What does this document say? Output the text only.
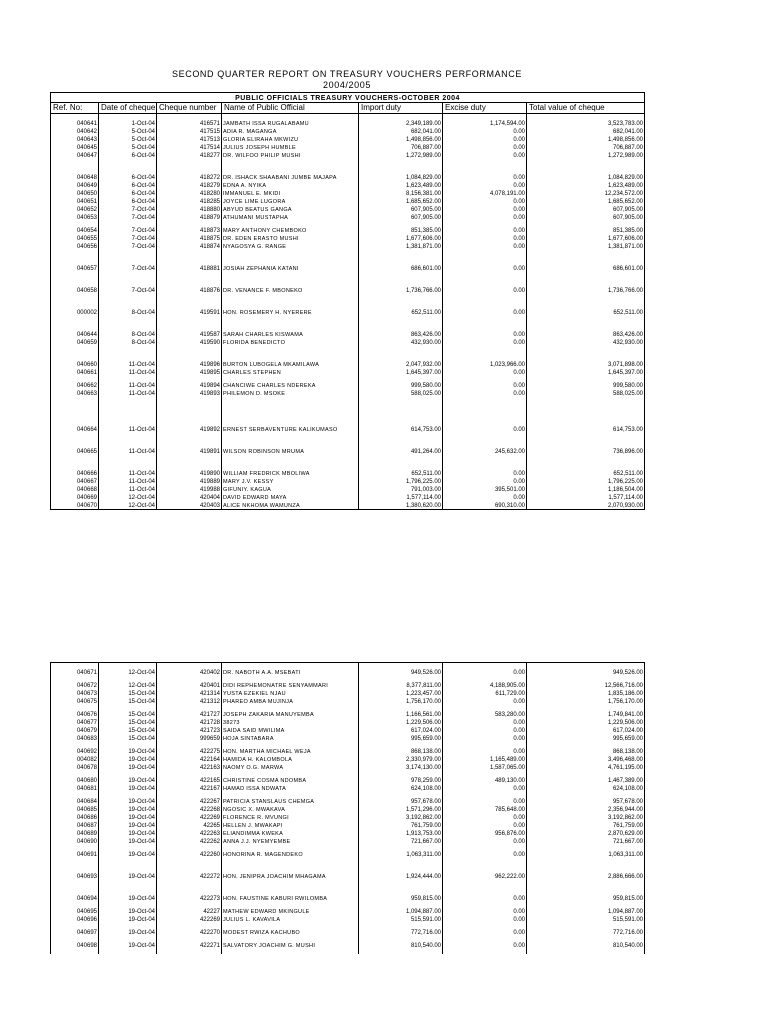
SECOND QUARTER REPORT ON TREASURY VOUCHERS PERFORMANCE
2004/2005
PUBLIC OFFICIALS TREASURY VOUCHERS-OCTOBER 2004						
Ref. No:	Date of cheque	Cheque number	Name of Public Official	Import duty	Excise duty	Total value of cheque

040641	1-Oct-04	416571	JAMBATH ISSA RUGALABAMU	2,349,189.00	1,174,594.00	3,523,783.00
040642	5-Oct-04	417515	ADIA R. MAGANGA	682,041.00	0.00	682,041.00
040643	5-Oct-04	417513	GLORIA ELIRAHA MKWIZU	1,498,856.00	0.00	1,498,856.00
040645	5-Oct-04	417514	JULIUS JOSEPH HUMBLE	706,887.00	0.00	706,887.00
040647	6-Oct-04	418277	DR. WILFOO PHILIP MUSHI	1,272,989.00	0.00	1,272,989.00

040648	6-Oct-04	418272	DR. ISHACK SHAABANI JUMBE MAJAPA	1,084,829.00	0.00	1,084,829.00
040649	6-Oct-04	418279	EDNA A. NYIKA	1,623,489.00	0.00	1,623,489.00
040650	6-Oct-04	418280	IMMANUEL E. MKIDI	8,156,381.00	4,078,191.00	12,234,572.00
040651	6-Oct-04	418285	JOYCE LIME LUGORA	1,685,652.00	0.00	1,685,652.00
040652	7-Oct-04	418880	ABYUD BEATUS GANGA	607,905.00	0.00	607,905.00
040653	7-Oct-04	418879	ATHUMANI MUSTAPHA	607,905.00	0.00	607,905.00

040654	7-Oct-04	418873	MARY ANTHONY CHEMBOKO	851,385.00	0.00	851,385.00
040655	7-Oct-04	418875	DR. EDEN ERASTO MUSHI	1,677,606.00	0.00	1,677,606.00
040656	7-Oct-04	418874	NYAGOSYA G. RANGE	1,381,871.00	0.00	1,381,871.00

040657	7-Oct-04	418881	JOSIAH ZEPHANIA KATANI	686,601.00	0.00	686,601.00

040658	7-Oct-04	418876	DR. VENANCE F. MBONEKO	1,736,766.00	0.00	1,736,766.00

000002	8-Oct-04	419591	HON. ROSEMERY H. NYERERE	652,511.00	0.00	652,511.00

040644	8-Oct-04	419587	SARAH CHARLES KISWAMA	863,426.00	0.00	863,426.00
040659	8-Oct-04	419590	FLORIDA BENEDICTO	432,930.00	0.00	432,930.00

040660	11-Oct-04	419896	BURTON LUBOGELA MKAMILAWA	2,047,932.00	1,023,966.00	3,071,898.00
040661	11-Oct-04	419895	CHARLES STEPHEN	1,645,397.00	0.00	1,645,397.00

040662	11-Oct-04	419894	CHANCIWE CHARLES NDEREKA	999,580.00	0.00	999,580.00
040663	11-Oct-04	419893	PHILEMON D. MSOKE	588,025.00	0.00	588,025.00

040664	11-Oct-04	419892	ERNEST SERBAVENTURE KALIKUMASO	614,753.00	0.00	614,753.00

040665	11-Oct-04	419891	WILSON ROBINSON MRUMA	491,264.00	245,632.00	736,896.00

040666	11-Oct-04	419890	WILLIAM FREDRICK MBOLIWA	652,511.00	0.00	652,511.00
040667	11-Oct-04	419889	MARY J.V. KESSY	1,796,225.00	0.00	1,796,225.00
040668	11-Oct-04	419988	GIFUNIY. KAGUA	791,003.00	395,501.00	1,186,504.00
040669	12-Oct-04	420404	DAVID EDWARD MAYA	1,577,114.00	0.00	1,577,114.00
040670	12-Oct-04	420403	ALICE NKHOMA WAMUNZA	1,380,620.00	690,310.00	2,070,930.00

040671	12-Oct-04	420402	DR. NABOTH A.A. MSEBATI	949,526.00	0.00	949,526.00

040672	12-Oct-04	420401	DIDI REPHEMONATRE SENYAMMARI	8,377,811.00	4,188,905.00	12,566,716.00
040673	15-Oct-04	421314	YUSTA EZEKIEL NJAU	1,223,457.00	611,729.00	1,835,186.00
040675	15-Oct-04	421312	PHAREO AMBA MUJINJA	1,756,170.00	0.00	1,756,170.00

040676	15-Oct-04	421727	JOSEPH ZAKARIA MANUYEMBA	1,166,561.00	583,280.00	1,749,841.00
040677	15-Oct-04	421728	38273	1,229,506.00	0.00	1,229,506.00
040679	15-Oct-04	421723	SAIDA SAID MWILIMA	617,024.00	0.00	617,024.00
040683	15-Oct-04	999659	HOJA SINTABARA	995,659.00	0.00	995,659.00

040692	19-Oct-04	422275	HON. MARTHA MICHAEL WEJA	868,138.00	0.00	868,138.00
004082	19-Oct-04	422164	HAMIDA H. KALOMBOLA	2,330,979.00	1,165,489.00	3,496,468.00
040678	19-Oct-04	422163	NAOMY O.G. MARWA	3,174,130.00	1,587,065.00	4,761,195.00

040680	19-Oct-04	422165	CHRISTINE COSMA NDOMBA	978,259.00	489,130.00	1,467,389.00
040681	19-Oct-04	422167	HAMAD ISSA NDWATA	624,108.00	0.00	624,108.00

040684	19-Oct-04	422267	PATRICIA STANSLAUS CHEMGA	957,678.00	0.00	957,678.00
040685	19-Oct-04	422268	NGOSIC X. MWAKAVA	1,571,296.00	785,648.00	2,356,944.00
040686	19-Oct-04	422269	FLORENCE R. MVUNGI	3,192,862.00	0.00	3,192,862.00
040687	19-Oct-04	42265	HELLEN J. MWAKAPI	761,759.00	0.00	761,759.00
040689	19-Oct-04	422263	ELIANDIMMA KWEKA	1,913,753.00	956,876.00	2,870,629.00
040690	19-Oct-04	422262	ANNA J.J. NYEMYEMBE	721,667.00	0.00	721,667.00

040691	19-Oct-04	422260	HONORINA R. MAGENDEKO	1,063,311.00	0.00	1,063,311.00

040693	19-Oct-04	422272	HON. JENIPRA JOACHIM MHAGAMA	1,924,444.00	962,222.00	2,886,666.00

040694	19-Oct-04	422273	HON. FAUSTINE KABURI RWILOMBA	959,815.00	0.00	959,815.00

040695	19-Oct-04	42227	MATHEW EDWARD MKINGULE	1,094,887.00	0.00	1,094,887.00
040696	19-Oct-04	422269	JULIUS L. KAVAVILA	515,591.00	0.00	515,591.00

040697	19-Oct-04	422270	MODEST RWIZA KACHUBO	772,716.00	0.00	772,716.00

040698	19-Oct-04	422271	SALVATORY JOACHIM G. MUSHI	810,540.00	0.00	810,540.00
